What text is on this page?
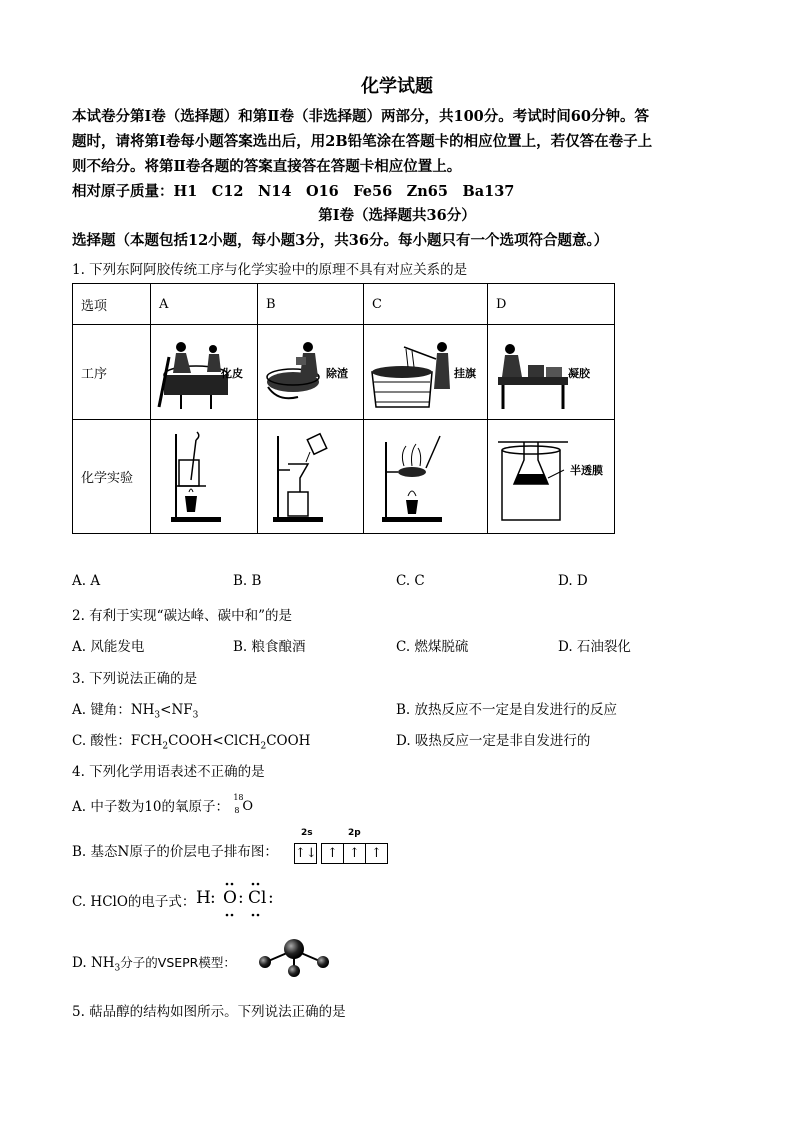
化学试题
本试卷分第Ⅰ卷（选择题）和第Ⅱ卷（非选择题）两部分，共100分。考试时间60分钟。答
题时，请将第Ⅰ卷每小题答案选出后，用2B铅笔涂在答题卡的相应位置上，若仅答在卷子上
则不给分。将第Ⅱ卷各题的答案直接答在答题卡相应位置上。
相对原子质量：H1　C12　N14　O16　Fe56　Zn65　Ba137
第Ⅰ卷（选择题共36分）
选择题（本题包括12小题，每小题3分，共36分。每小题只有一个选项符合题意。）
1. 下列东阿阿胶传统工序与化学实验中的原理不具有对应关系的是
选项	A	B	C	D
工序	化皮	除渣	挂旗	凝胶

化学实验				半透膜
A. A	B. B	C. C	D. D
2. 有利于实现“碳达峰、碳中和”的是
A. 风能发电	B. 粮食酿酒	C. 燃煤脱硫	D. 石油裂化
3. 下列说法正确的是
A. 键角：$NH_3<NF_3$	B. 放热反应不一定是自发进行的反应
C. 酸性：$FCH_2COOH<ClCH_2COOH$	D. 吸热反应一定是非自发进行的
4. 下列化学用语表述不正确的是
A. 中子数为10的氧原子：
18
8 O
B. 基态N原子的价层电子排布图：
2s	2p
↑↓ ↑ ↑ ↑
C. HClO的电子式： H : O : Cl :
D. $NH_3$分子的VSEPR模型：
5. 萜品醇的结构如图所示。下列说法正确的是
